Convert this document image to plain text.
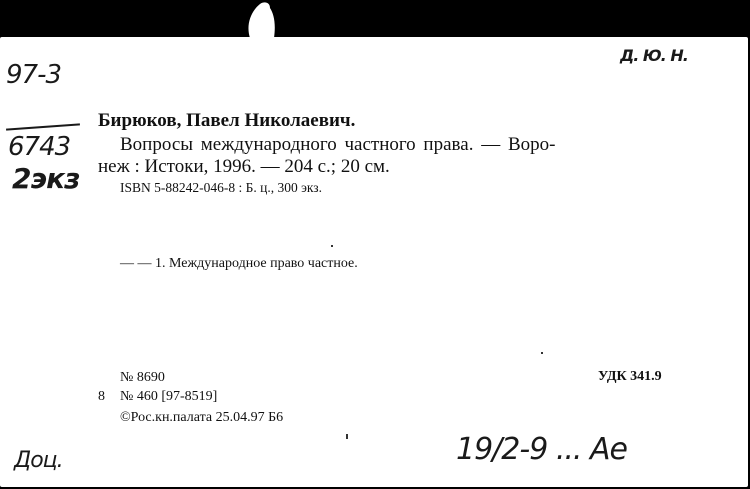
97-3
6743
2экз
Д. Ю. Н.
Бирюков, Павел Николаевич.
Вопросы международного частного права. — Воро-
неж : Истоки, 1996. — 204 с.; 20 см.
ISBN 5-88242-046-8 : Б. ц., 300 экз.
— — 1. Международное право частное.
№ 8690	УДК 341.9
8 № 460 [97-8519]
©Рос.кн.палата 25.04.97 Б6
Доц.	19/2-9 ... Ае
